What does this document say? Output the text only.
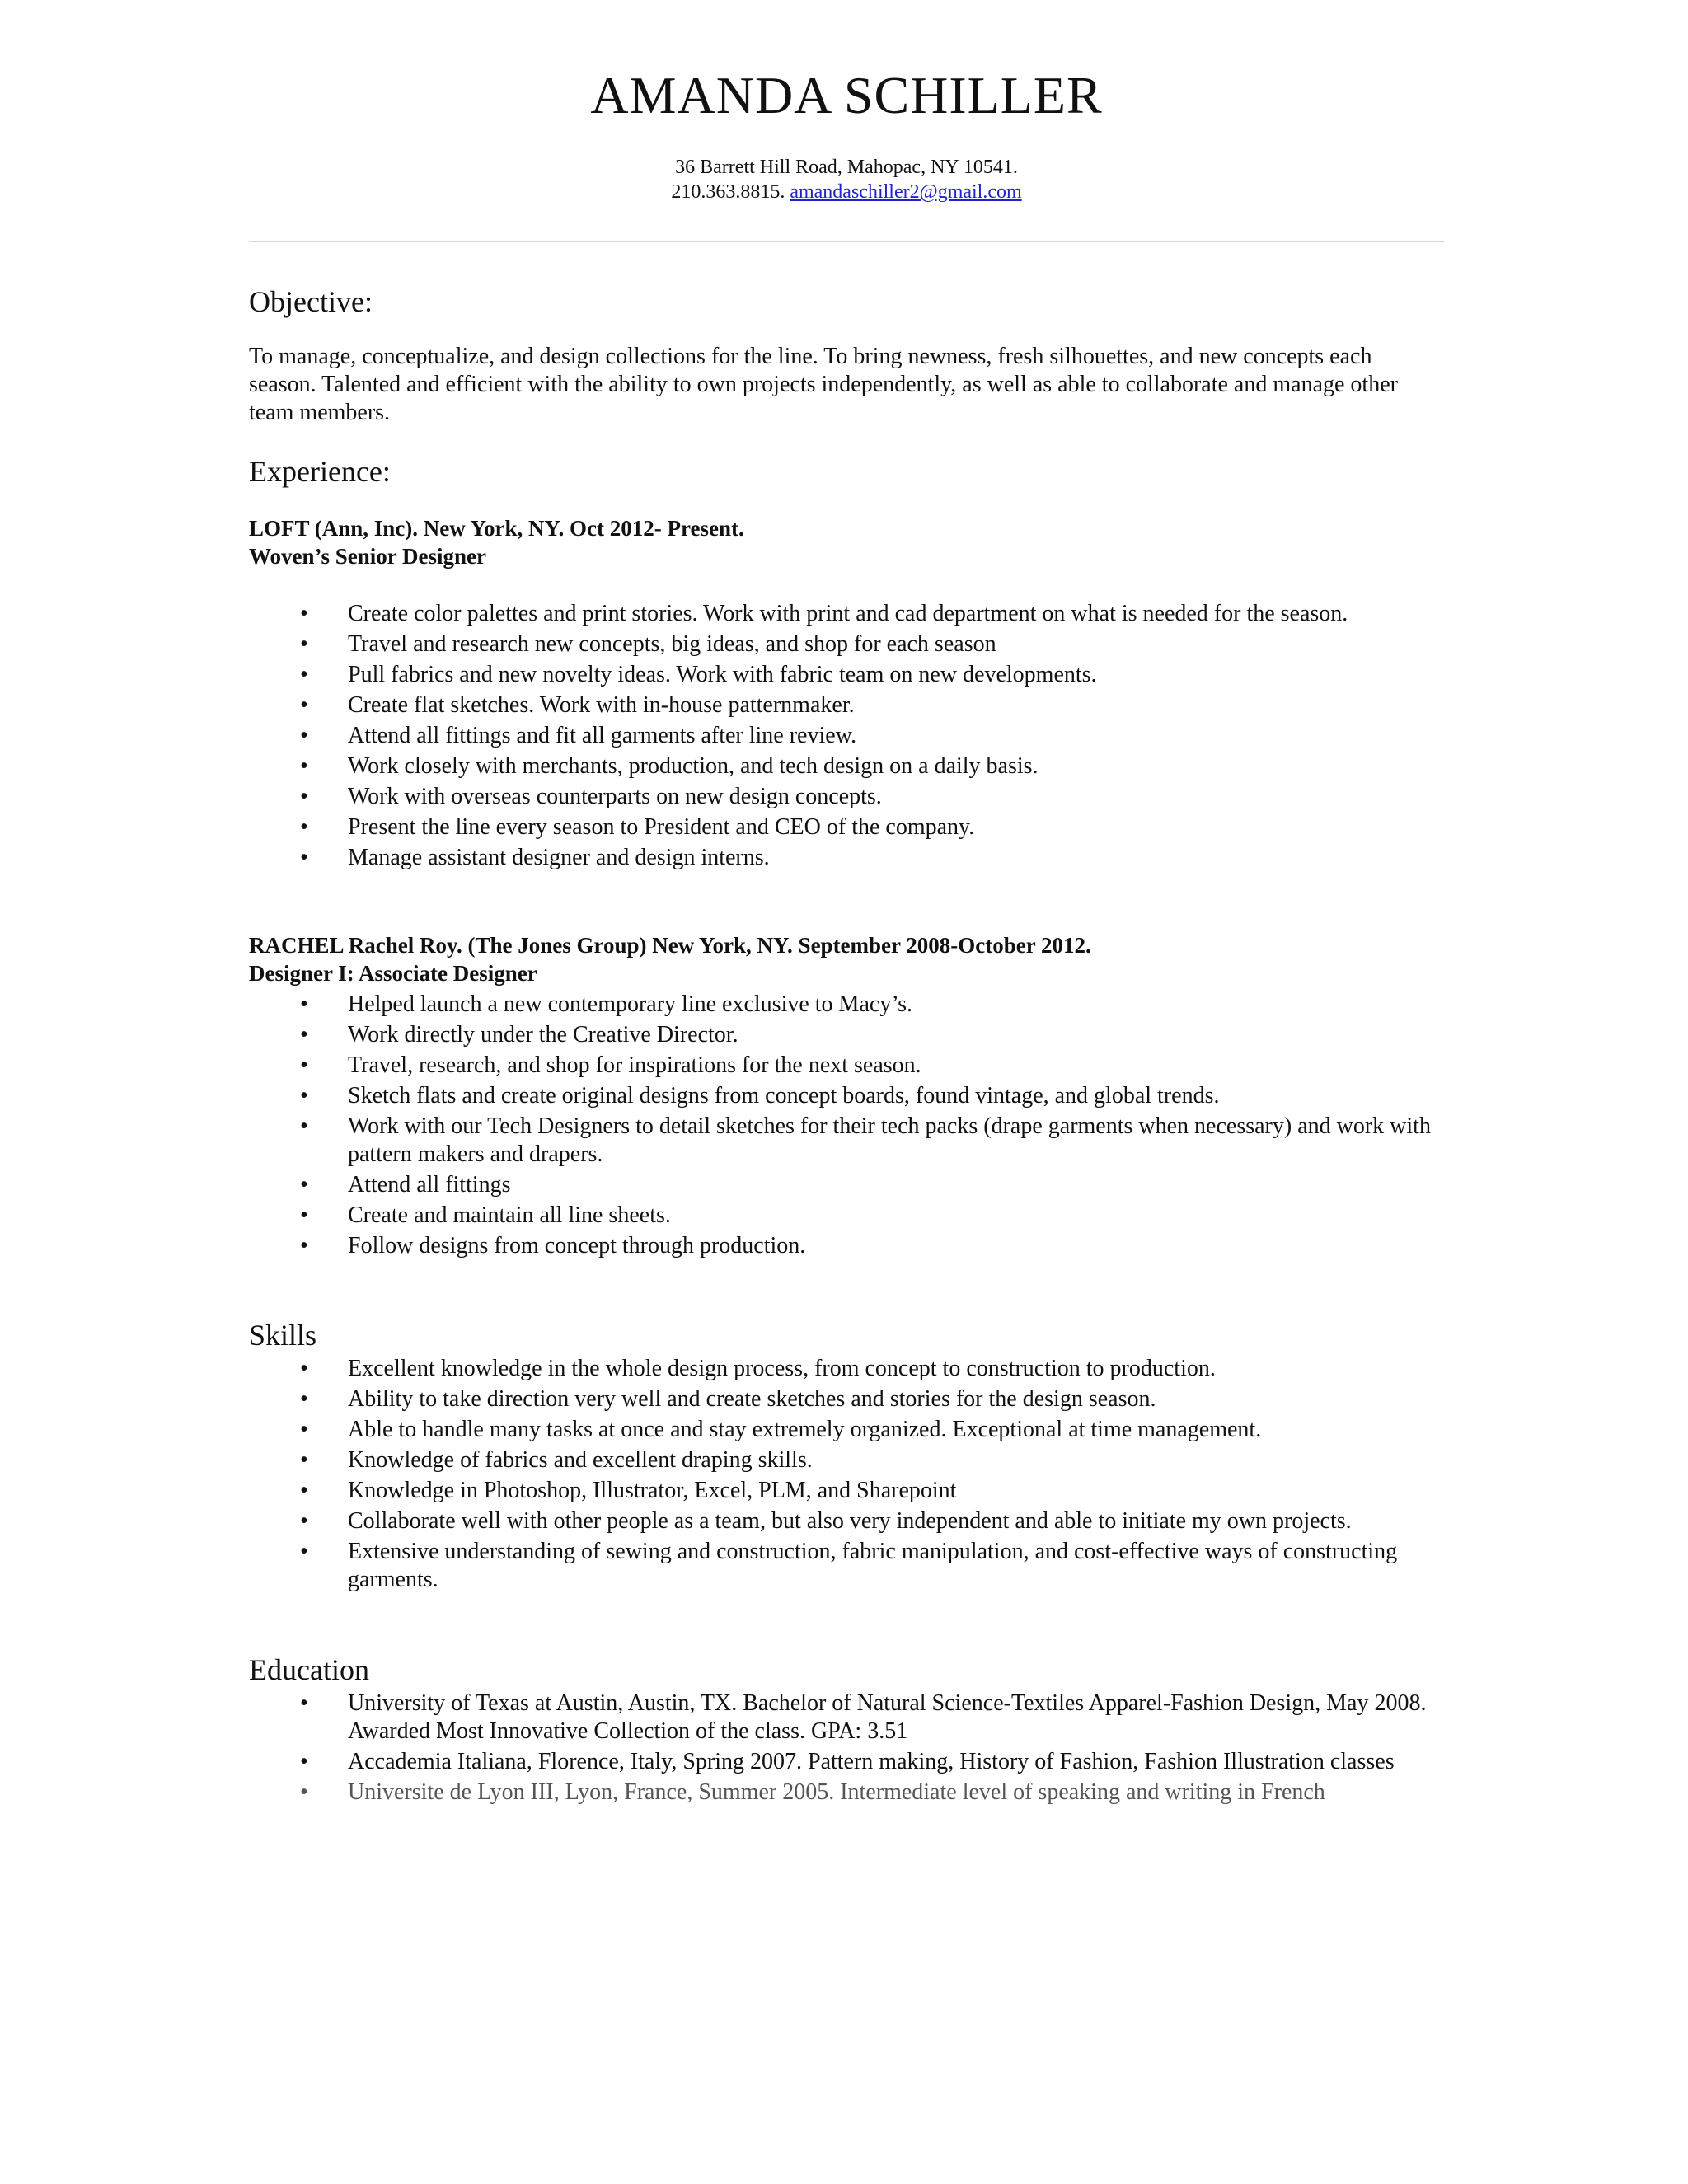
AMANDA SCHILLER
36 Barrett Hill Road, Mahopac, NY 10541.
210.363.8815. amandaschiller2@gmail.com
Objective:
To manage, conceptualize, and design collections for the line. To bring newness, fresh silhouettes, and new concepts each season. Talented and efficient with the ability to own projects independently, as well as able to collaborate and manage other team members.
Experience:
LOFT (Ann, Inc). New York, NY. Oct 2012- Present.
Woven’s Senior Designer
• Create color palettes and print stories. Work with print and cad department on what is needed for the season.
• Travel and research new concepts, big ideas, and shop for each season
• Pull fabrics and new novelty ideas. Work with fabric team on new developments.
• Create flat sketches. Work with in-house patternmaker.
• Attend all fittings and fit all garments after line review.
• Work closely with merchants, production, and tech design on a daily basis.
• Work with overseas counterparts on new design concepts.
• Present the line every season to President and CEO of the company.
• Manage assistant designer and design interns.
RACHEL Rachel Roy. (The Jones Group) New York, NY. September 2008-October 2012.
Designer I: Associate Designer
• Helped launch a new contemporary line exclusive to Macy’s.
• Work directly under the Creative Director.
• Travel, research, and shop for inspirations for the next season.
• Sketch flats and create original designs from concept boards, found vintage, and global trends.
• Work with our Tech Designers to detail sketches for their tech packs (drape garments when necessary) and work with pattern makers and drapers.
• Attend all fittings
• Create and maintain all line sheets.
• Follow designs from concept through production.
Skills
• Excellent knowledge in the whole design process, from concept to construction to production.
• Ability to take direction very well and create sketches and stories for the design season.
• Able to handle many tasks at once and stay extremely organized. Exceptional at time management.
• Knowledge of fabrics and excellent draping skills.
• Knowledge in Photoshop, Illustrator, Excel, PLM, and Sharepoint
• Collaborate well with other people as a team, but also very independent and able to initiate my own projects.
• Extensive understanding of sewing and construction, fabric manipulation, and cost-effective ways of constructing garments.
Education
• University of Texas at Austin, Austin, TX. Bachelor of Natural Science-Textiles Apparel-Fashion Design, May 2008. Awarded Most Innovative Collection of the class. GPA: 3.51
• Accademia Italiana, Florence, Italy, Spring 2007. Pattern making, History of Fashion, Fashion Illustration classes
• Universite de Lyon III, Lyon, France, Summer 2005. Intermediate level of speaking and writing in French
